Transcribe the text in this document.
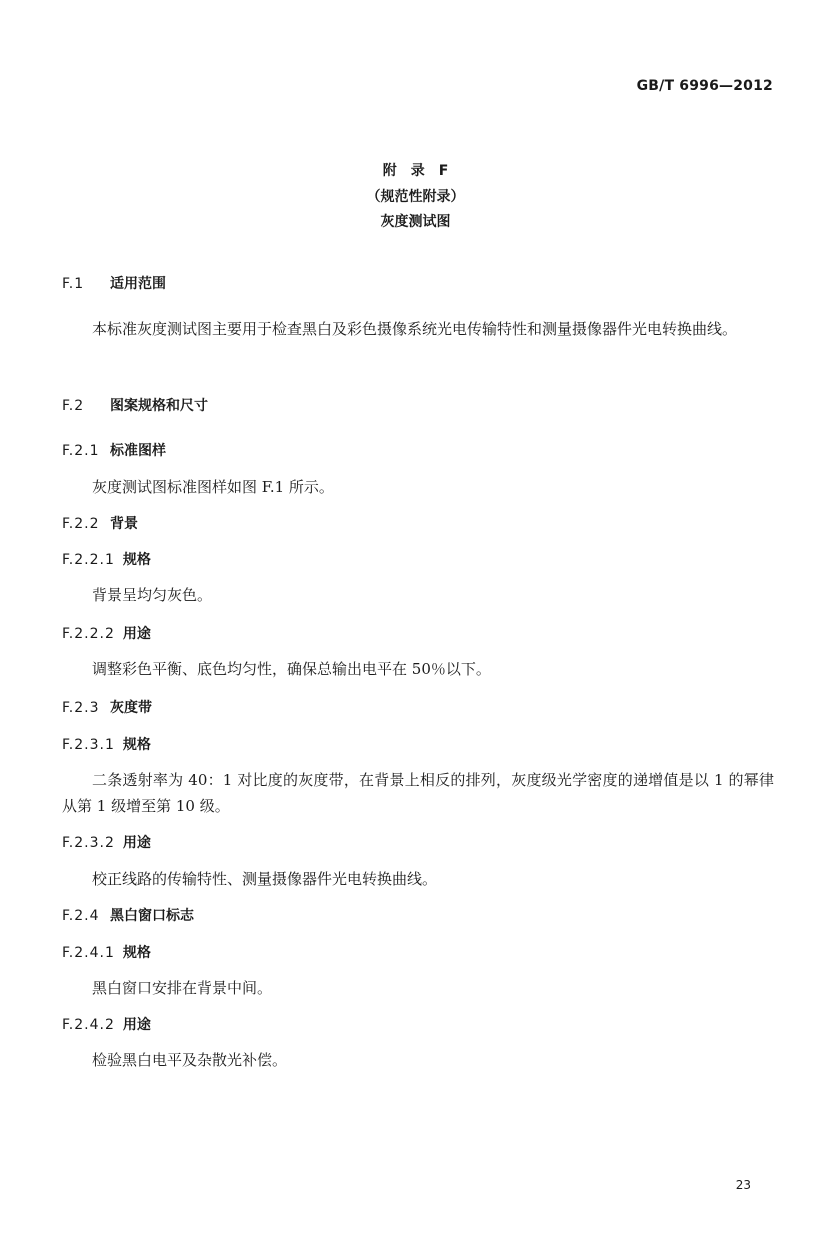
GB/T 6996—2012
附　录　F
（规范性附录）
灰度测试图
F.1 适用范围
本标准灰度测试图主要用于检查黑白及彩色摄像系统光电传输特性和测量摄像器件光电转换曲线。
F.2 图案规格和尺寸
F.2.1 标准图样
灰度测试图标准图样如图 F.1 所示。
F.2.2 背景
F.2.2.1 规格
背景呈均匀灰色。
F.2.2.2 用途
调整彩色平衡、底色均匀性，确保总输出电平在 50％以下。
F.2.3 灰度带
F.2.3.1 规格
二条透射率为 40：1 对比度的灰度带，在背景上相反的排列，灰度级光学密度的递增值是以 1 的幂律从第 1 级增至第 10 级。
F.2.3.2 用途
校正线路的传输特性、测量摄像器件光电转换曲线。
F.2.4 黑白窗口标志
F.2.4.1 规格
黑白窗口安排在背景中间。
F.2.4.2 用途
检验黑白电平及杂散光补偿。
23
